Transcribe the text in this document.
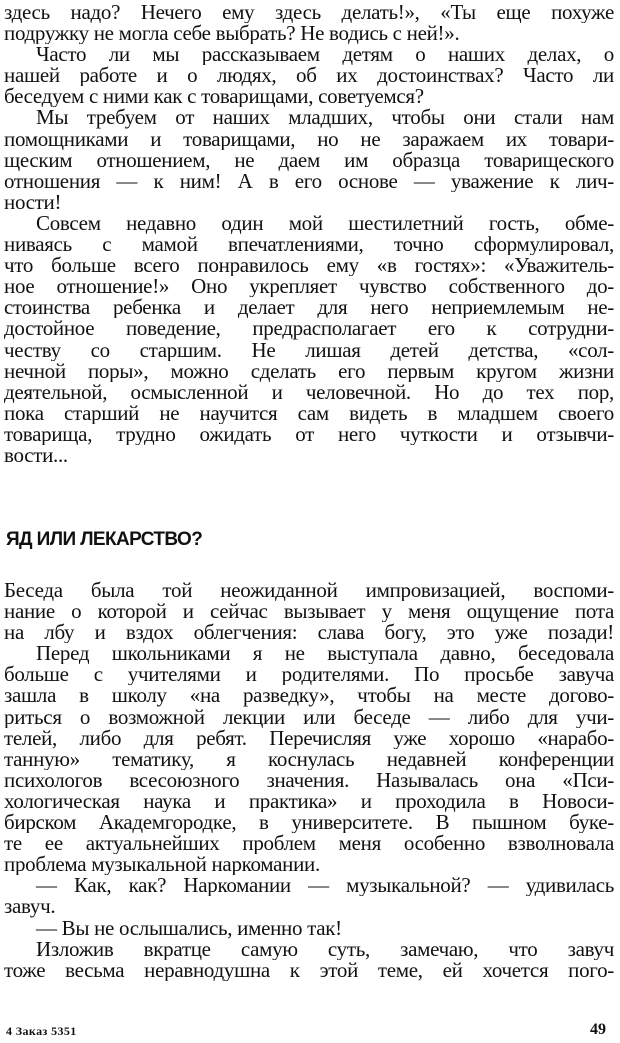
здесь надо? Нечего ему здесь делать!», «Ты еще похуже
подружку не могла себе выбрать? Не водись с ней!».
Часто ли мы рассказываем детям о наших делах, о
нашей работе и о людях, об их достоинствах? Часто ли
беседуем с ними как с товарищами, советуемся?
Мы требуем от наших младших, чтобы они стали нам
помощниками и товарищами, но не заражаем их товари-
щеским отношением, не даем им образца товарищеского
отношения — к ним! А в его основе — уважение к лич-
ности!
Совсем недавно один мой шестилетний гость, обме-
ниваясь с мамой впечатлениями, точно сформулировал,
что больше всего понравилось ему «в гостях»: «Уважитель-
ное отношение!» Оно укрепляет чувство собственного до-
стоинства ребенка и делает для него неприемлемым не-
достойное поведение, предрасполагает его к сотрудни-
честву со старшим. Не лишая детей детства, «сол-
нечной поры», можно сделать его первым кругом жизни
деятельной, осмысленной и человечной. Но до тех пор,
пока старший не научится сам видеть в младшем своего
товарища, трудно ожидать от него чуткости и отзывчи-
вости...
ЯД ИЛИ ЛЕКАРСТВО?
Беседа была той неожиданной импровизацией, воспоми-
нание о которой и сейчас вызывает у меня ощущение пота
на лбу и вздох облегчения: слава богу, это уже позади!
Перед школьниками я не выступала давно, беседовала
больше с учителями и родителями. По просьбе завуча
зашла в школу «на разведку», чтобы на месте догово-
риться о возможной лекции или беседе — либо для учи-
телей, либо для ребят. Перечисляя уже хорошо «нарабо-
танную» тематику, я коснулась недавней конференции
психологов всесоюзного значения. Называлась она «Пси-
хологическая наука и практика» и проходила в Новоси-
бирском Академгородке, в университете. В пышном буке-
те ее актуальнейших проблем меня особенно взволновала
проблема музыкальной наркомании.
— Как, как? Наркомании — музыкальной? — удивилась
завуч.
— Вы не ослышались, именно так!
Изложив вкратце самую суть, замечаю, что завуч
тоже весьма неравнодушна к этой теме, ей хочется пого-
4 Заказ 5351	49
